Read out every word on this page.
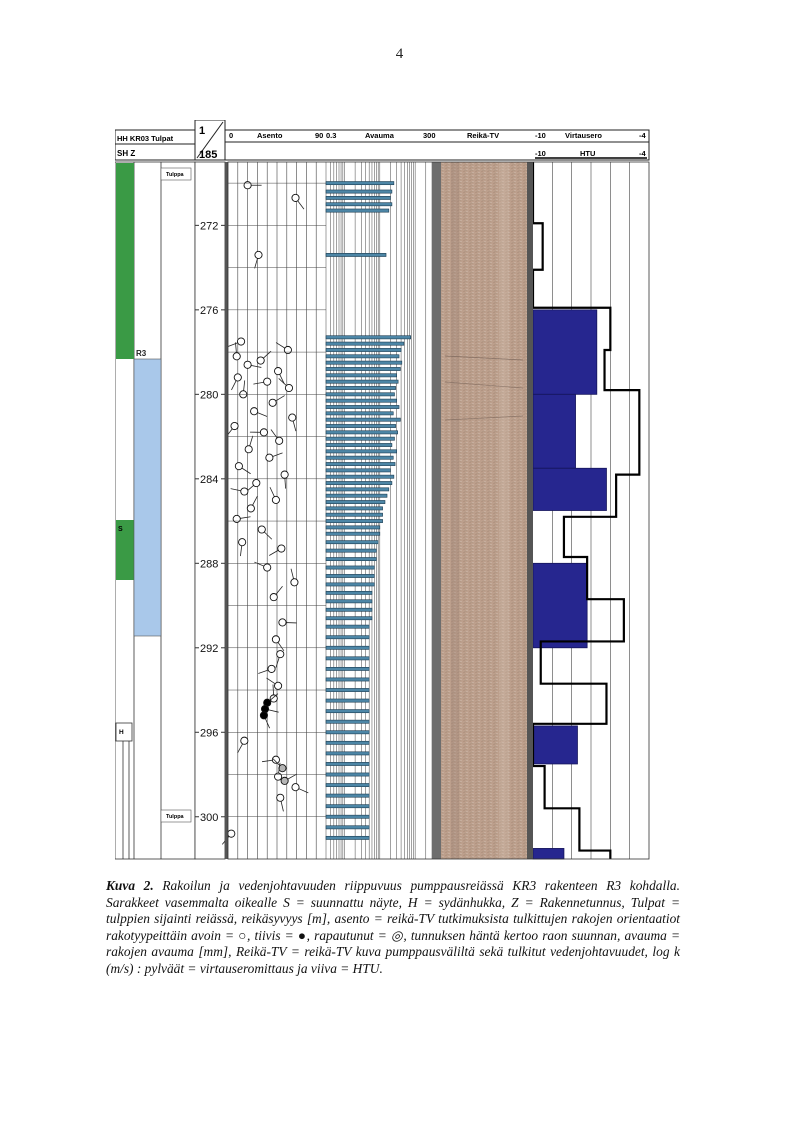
4
HH KR03 Tulpat
SH Z
1
185
0	Asento	90 0.3	Avauma	300	Reikä-TV	-10	Virtausero	-4
-10	HTU	-4
S
R3
H
Tulppa
Tulppa
272
276
280
284
288
292
296
300
Kuva 2. Rakoilun ja vedenjohtavuuden riippuvuus pumppausreiässä KR3 rakenteen R3 kohdalla. Sarakkeet vasemmalta oikealle S = suunnattu näyte, H = sydänhukka, Z = Rakennetunnus, Tulpat = tulppien sijainti reiässä, reikäsyvyys [m], asento = reikä-TV tutkimuksista tulkittujen rakojen orientaatiot rakotyypeittäin avoin = ○, tiivis = ●, rapautunut = ◎, tunnuksen häntä kertoo raon suunnan, avauma = rakojen avauma [mm], Reikä-TV = reikä-TV kuva pumppausväliltä sekä tulkitut vedenjohtavuudet, log k (m/s) : pylväät = virtauseromittaus ja viiva = HTU.
